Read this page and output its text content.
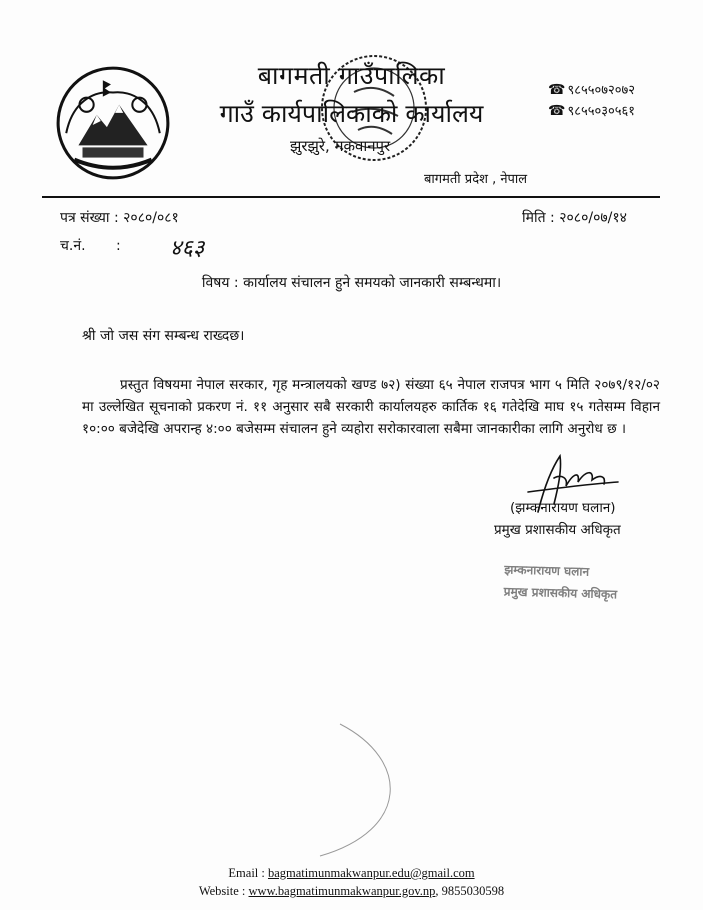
बागमती गाउँपालिका
गाउँ कार्यपालिकाको कार्यालय
झुरझुरे, मकवानपुर
बागमती प्रदेश , नेपाल
☎ ९८५५०७२०७२
☎ ९८५५०३०५६१
पत्र संख्या : २०८०/०८१	मिति : २०८०/०७/१४
च.नं. : ४६३
विषय : कार्यालय संचालन हुने समयको जानकारी सम्बन्धमा।
श्री जो जस संग सम्बन्ध राख्दछ।

प्रस्तुत विषयमा नेपाल सरकार, गृह मन्त्रालयको खण्ड ७२) संख्या ६५ नेपाल राजपत्र भाग ५ मिति २०७९/१२/०२ मा उल्लेखित सूचनाको प्रकरण नं. ११ अनुसार सबै सरकारी कार्यालयहरु कार्तिक १६ गतेदेखि माघ १५ गतेसम्म विहान १०:०० बजेदेखि अपरान्ह ४:०० बजेसम्म संचालन हुने व्यहोरा सरोकारवाला सबैमा जानकारीका लागि अनुरोध छ ।

(झम्कनारायण घलान)
प्रमुख प्रशासकीय अधिकृत
झम्कनारायण घलान
प्रमुख प्रशासकीय अधिकृत
Email : bagmatimunmakwanpur.edu@gmail.com
Website : www.bagmatimunmakwanpur.gov.np, 9855030598
